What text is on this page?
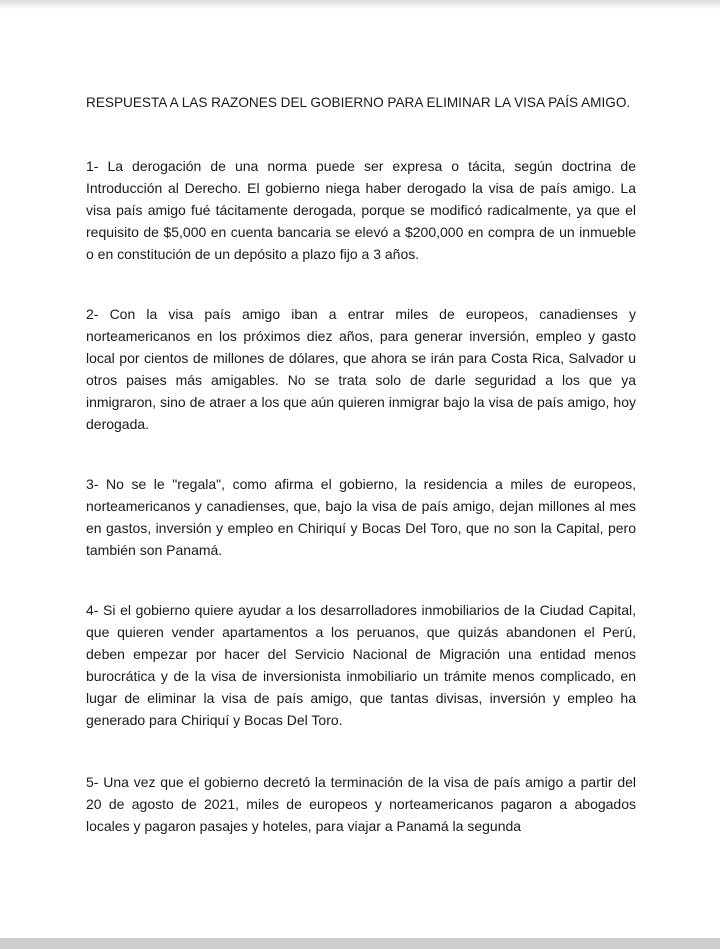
RESPUESTA A LAS RAZONES DEL GOBIERNO PARA ELIMINAR LA VISA PAÍS AMIGO.

1- La derogación de una norma puede ser expresa o tácita, según doctrina de Introducción al Derecho. El gobierno niega haber derogado la visa de país amigo. La visa país amigo fué tácitamente derogada, porque se modificó radicalmente, ya que el requisito de $5,000 en cuenta bancaria se elevó a $200,000 en compra de un inmueble o en constitución de un depósito a plazo fijo a 3 años.

2- Con la visa país amigo iban a entrar miles de europeos, canadienses y norteamericanos en los próximos diez años, para generar inversión, empleo y gasto local por cientos de millones de dólares, que ahora se irán para Costa Rica, Salvador u otros paises más amigables. No se trata solo de darle seguridad a los que ya inmigraron, sino de atraer a los que aún quieren inmigrar bajo la visa de país amigo, hoy derogada.

3- No se le "regala", como afirma el gobierno, la residencia a miles de europeos, norteamericanos y canadienses, que, bajo la visa de país amigo, dejan millones al mes en gastos, inversión y empleo en Chiriquí y Bocas Del Toro, que no son la Capital, pero también son Panamá.

4- Si el gobierno quiere ayudar a los desarrolladores inmobiliarios de la Ciudad Capital, que quieren vender apartamentos a los peruanos, que quizás abandonen el Perú, deben empezar por hacer del Servicio Nacional de Migración una entidad menos burocrática y de la visa de inversionista inmobiliario un trámite menos complicado, en lugar de eliminar la visa de país amigo, que tantas divisas, inversión y empleo ha generado para Chiriquí y Bocas Del Toro.

5- Una vez que el gobierno decretó la terminación de la visa de país amigo a partir del 20 de agosto de 2021, miles de europeos y norteamericanos pagaron a abogados locales y pagaron pasajes y hoteles, para viajar a Panamá la segunda
